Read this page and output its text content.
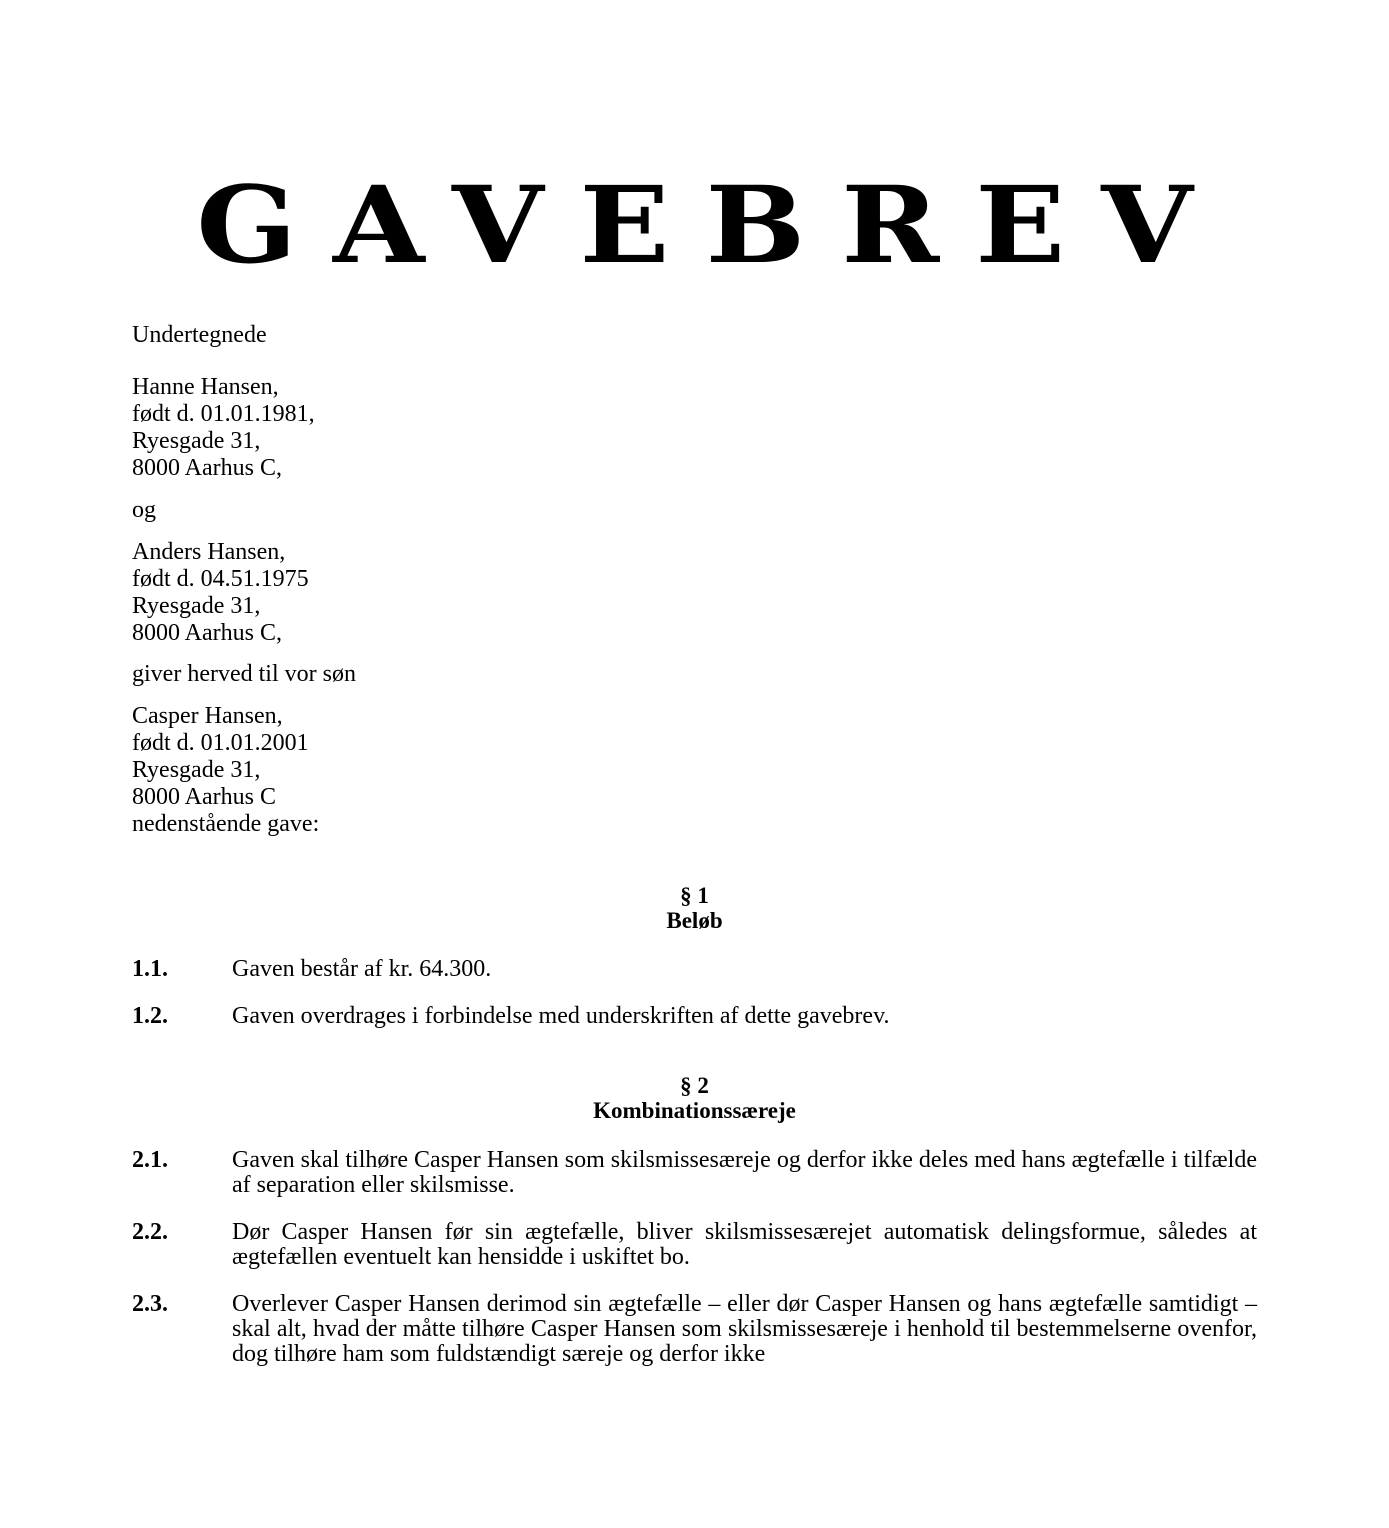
GAVEBREV
Undertegnede

Hanne Hansen,

født d. 01.01.1981,

Ryesgade 31,

8000 Aarhus C,

og

Anders Hansen,

født d. 04.51.1975

Ryesgade 31,

8000 Aarhus C,

giver herved til vor søn

Casper Hansen,

født d. 01.01.2001

Ryesgade 31,

8000 Aarhus C

nedenstående gave:

§ 1
Beløb
1.1.	Gaven består af kr. 64.300.
1.2.	Gaven overdrages i forbindelse med underskriften af dette gavebrev.
§ 2
Kombinationssæreje
2.1.	Gaven skal tilhøre Casper Hansen som skilsmissesæreje og derfor ikke deles med hans ægtefælle i tilfælde af separation eller skilsmisse.
2.2.	Dør Casper Hansen før sin ægtefælle, bliver skilsmissesærejet automatisk delingsformue, således at ægtefællen eventuelt kan hensidde i uskiftet bo.
2.3.	Overlever Casper Hansen derimod sin ægtefælle – eller dør Casper Hansen og hans ægtefælle samtidigt – skal alt, hvad der måtte tilhøre Casper Hansen som skilsmissesæreje i henhold til bestemmelserne ovenfor, dog tilhøre ham som fuldstændigt særeje og derfor ikke
